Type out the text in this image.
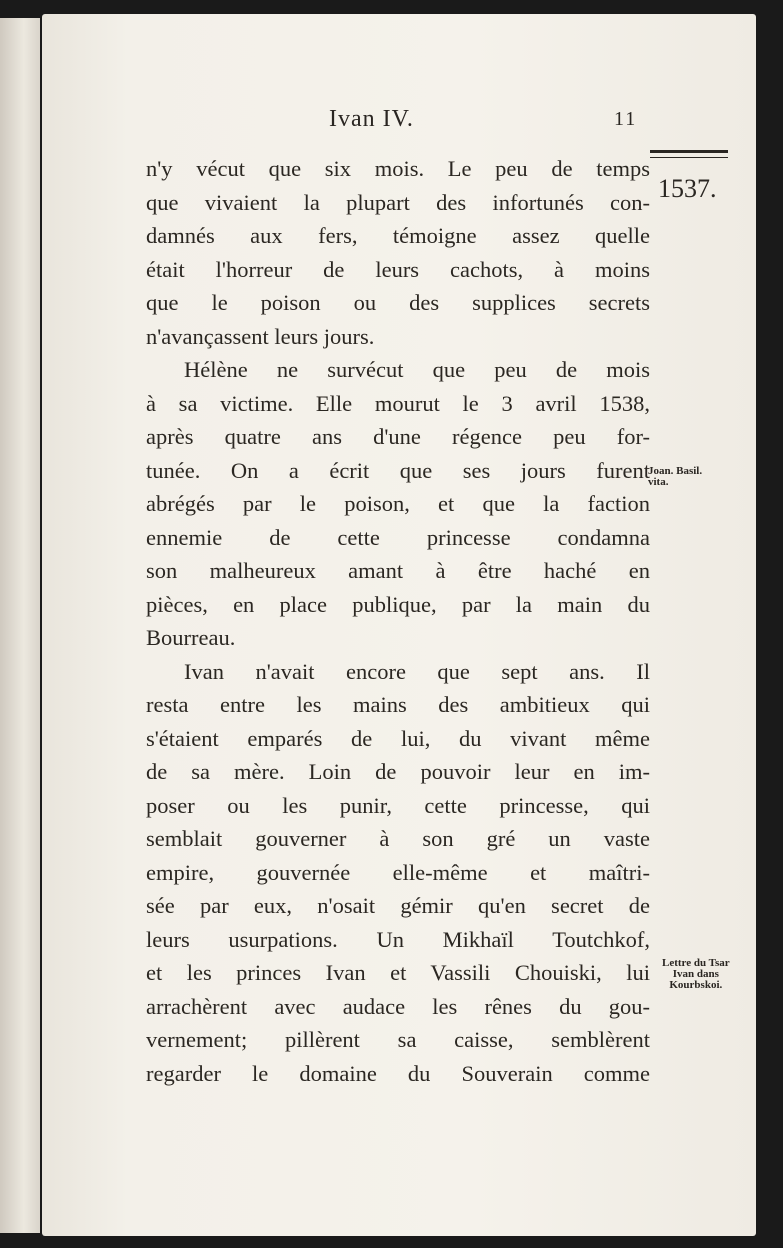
Ivan IV.	11
1537.
n'y vécut que six mois. Le peu de temps
que vivaient la plupart des infortunés con-
damnés aux fers, témoigne assez quelle
était l'horreur de leurs cachots, à moins
que le poison ou des supplices secrets
n'avançassent leurs jours.
Hélène ne survécut que peu de mois
à sa victime. Elle mourut le 3 avril 1538,
après quatre ans d'une régence peu for-
tunée. On a écrit que ses jours furent
abrégés par le poison, et que la faction
ennemie de cette princesse condamna
son malheureux amant à être haché en
pièces, en place publique, par la main du
Bourreau.
Ivan n'avait encore que sept ans. Il
resta entre les mains des ambitieux qui
s'étaient emparés de lui, du vivant même
de sa mère. Loin de pouvoir leur en im-
poser ou les punir, cette princesse, qui
semblait gouverner à son gré un vaste
empire, gouvernée elle-même et maîtri-
sée par eux, n'osait gémir qu'en secret de
leurs usurpations. Un Mikhaïl Toutchkof,
et les princes Ivan et Vassili Chouiski, lui
arrachèrent avec audace les rênes du gou-
vernement; pillèrent sa caisse, semblèrent
regarder le domaine du Souverain comme
Joan. Basil.
vita.
Lettre du Tsar
Ivan dans
Kourbskoi.
